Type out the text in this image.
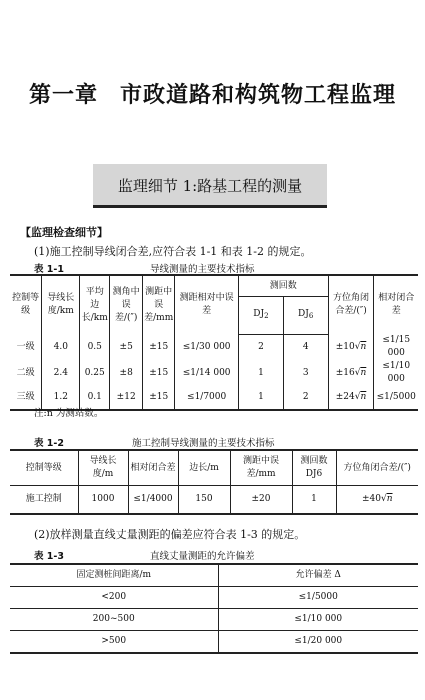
第一章 市政道路和构筑物工程监理
监理细节 1:路基工程的测量
【监理检查细节】
(1)施工控制导线闭合差,应符合表 1-1 和表 1-2 的规定。
表 1-1	导线测量的主要技术指标
控制等级	导线长度/km	平均边长/km	测角中误差/(″)	测距中误差/mm	测距相对中误差	测回数		方位角闭合差/(″)	相对闭合差
						$DJ_2$	$DJ_6$
一级	4.0	0.5	±5	±15	≤1/30 000	2	4	±10√n	≤1/15 000
二级	2.4	0.25	±8	±15	≤1/14 000	1	3	±16√n	≤1/10 000
三级	1.2	0.1	±12	±15	≤1/7000	1	2	±24√n	≤1/5000
注:n 为测站数。
表 1-2	施工控制导线测量的主要技术指标
控制等级	导线长度/m	相对闭合差	边长/m	测距中误差/mm	测回数DJ6	方位角闭合差/(″)
施工控制	1000	≤1/4000	150	±20	1	±40√n
(2)放样测量直线丈量测距的偏差应符合表 1-3 的规定。
表 1-3	直线丈量测距的允许偏差
固定测桩间距离/m	允许偏差 Δ
<200	≤1/5000
200~500	≤1/10 000
>500	≤1/20 000
